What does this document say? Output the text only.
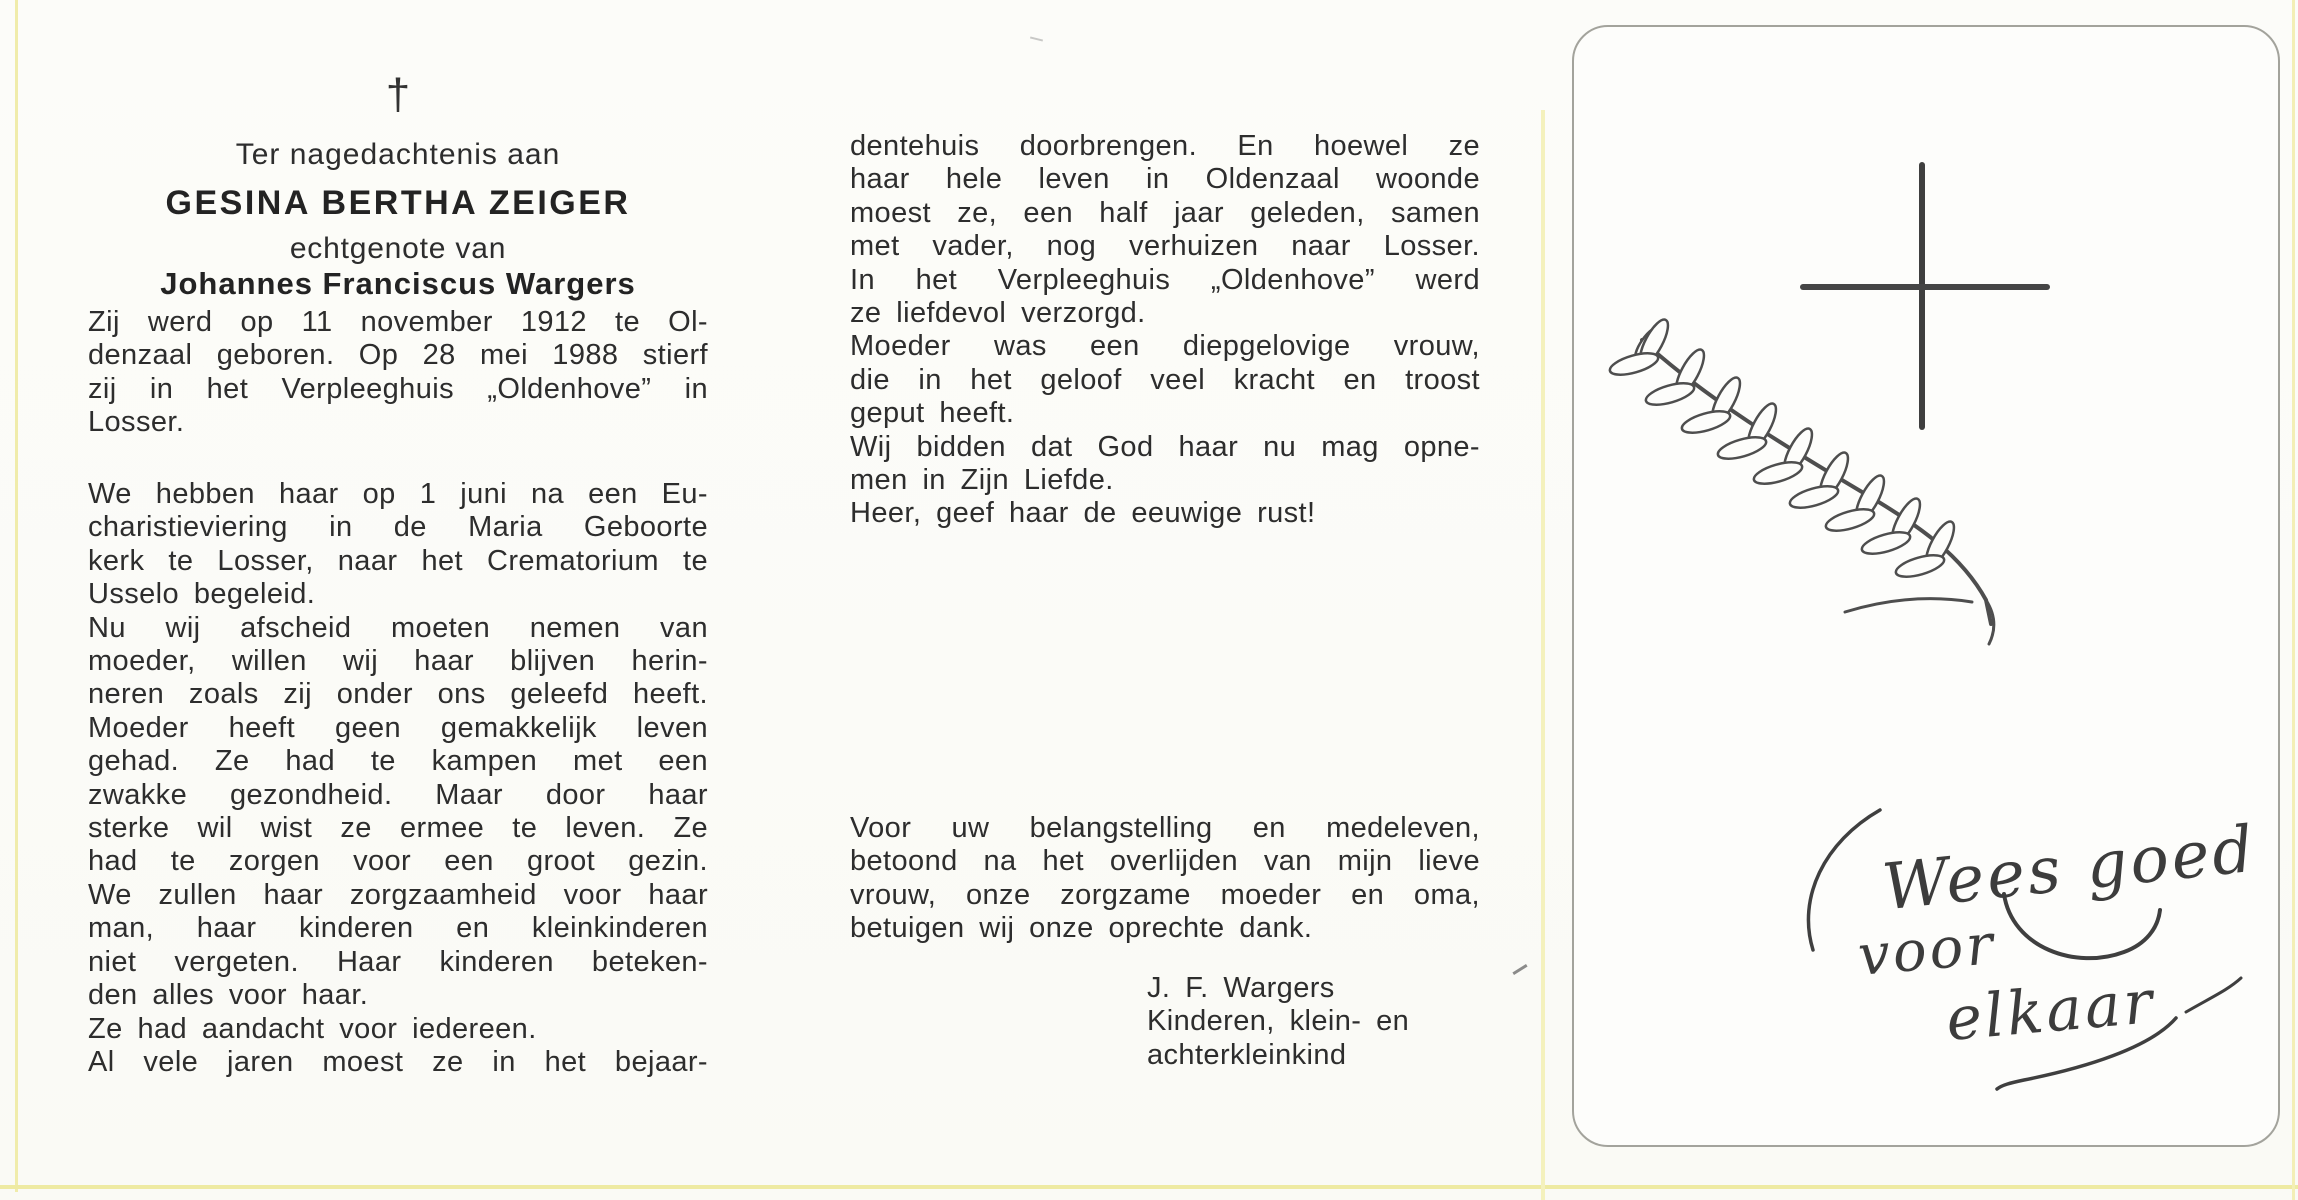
†
Ter nagedachtenis aan
GESINA BERTHA ZEIGER
echtgenote van
Johannes Franciscus Wargers
Zij werd op 11 november 1912 te Ol-
denzaal geboren. Op 28 mei 1988 stierf
zij in het Verpleeghuis „Oldenhove” in
Losser.
We hebben haar op 1 juni na een Eu-
charistieviering in de Maria Geboorte
kerk te Losser, naar het Crematorium te
Usselo begeleid.
Nu wij afscheid moeten nemen van
moeder, willen wij haar blijven herin-
neren zoals zij onder ons geleefd heeft.
Moeder heeft geen gemakkelijk leven
gehad. Ze had te kampen met een
zwakke gezondheid. Maar door haar
sterke wil wist ze ermee te leven. Ze
had te zorgen voor een groot gezin.
We zullen haar zorgzaamheid voor haar
man, haar kinderen en kleinkinderen
niet vergeten. Haar kinderen beteken-
den alles voor haar.
Ze had aandacht voor iedereen.
Al vele jaren moest ze in het bejaar-
dentehuis doorbrengen. En hoewel ze
haar hele leven in Oldenzaal woonde
moest ze, een half jaar geleden, samen
met vader, nog verhuizen naar Losser.
In het Verpleeghuis „Oldenhove” werd
ze liefdevol verzorgd.
Moeder was een diepgelovige vrouw,
die in het geloof veel kracht en troost
geput heeft.
Wij bidden dat God haar nu mag opne-
men in Zijn Liefde.
Heer, geef haar de eeuwige rust!
Voor uw belangstelling en medeleven,
betoond na het overlijden van mijn lieve
vrouw, onze zorgzame moeder en oma,
betuigen wij onze oprechte dank.
J. F. Wargers
Kinderen, klein- en
achterkleinkind
Wees goed
voor
elkaar
